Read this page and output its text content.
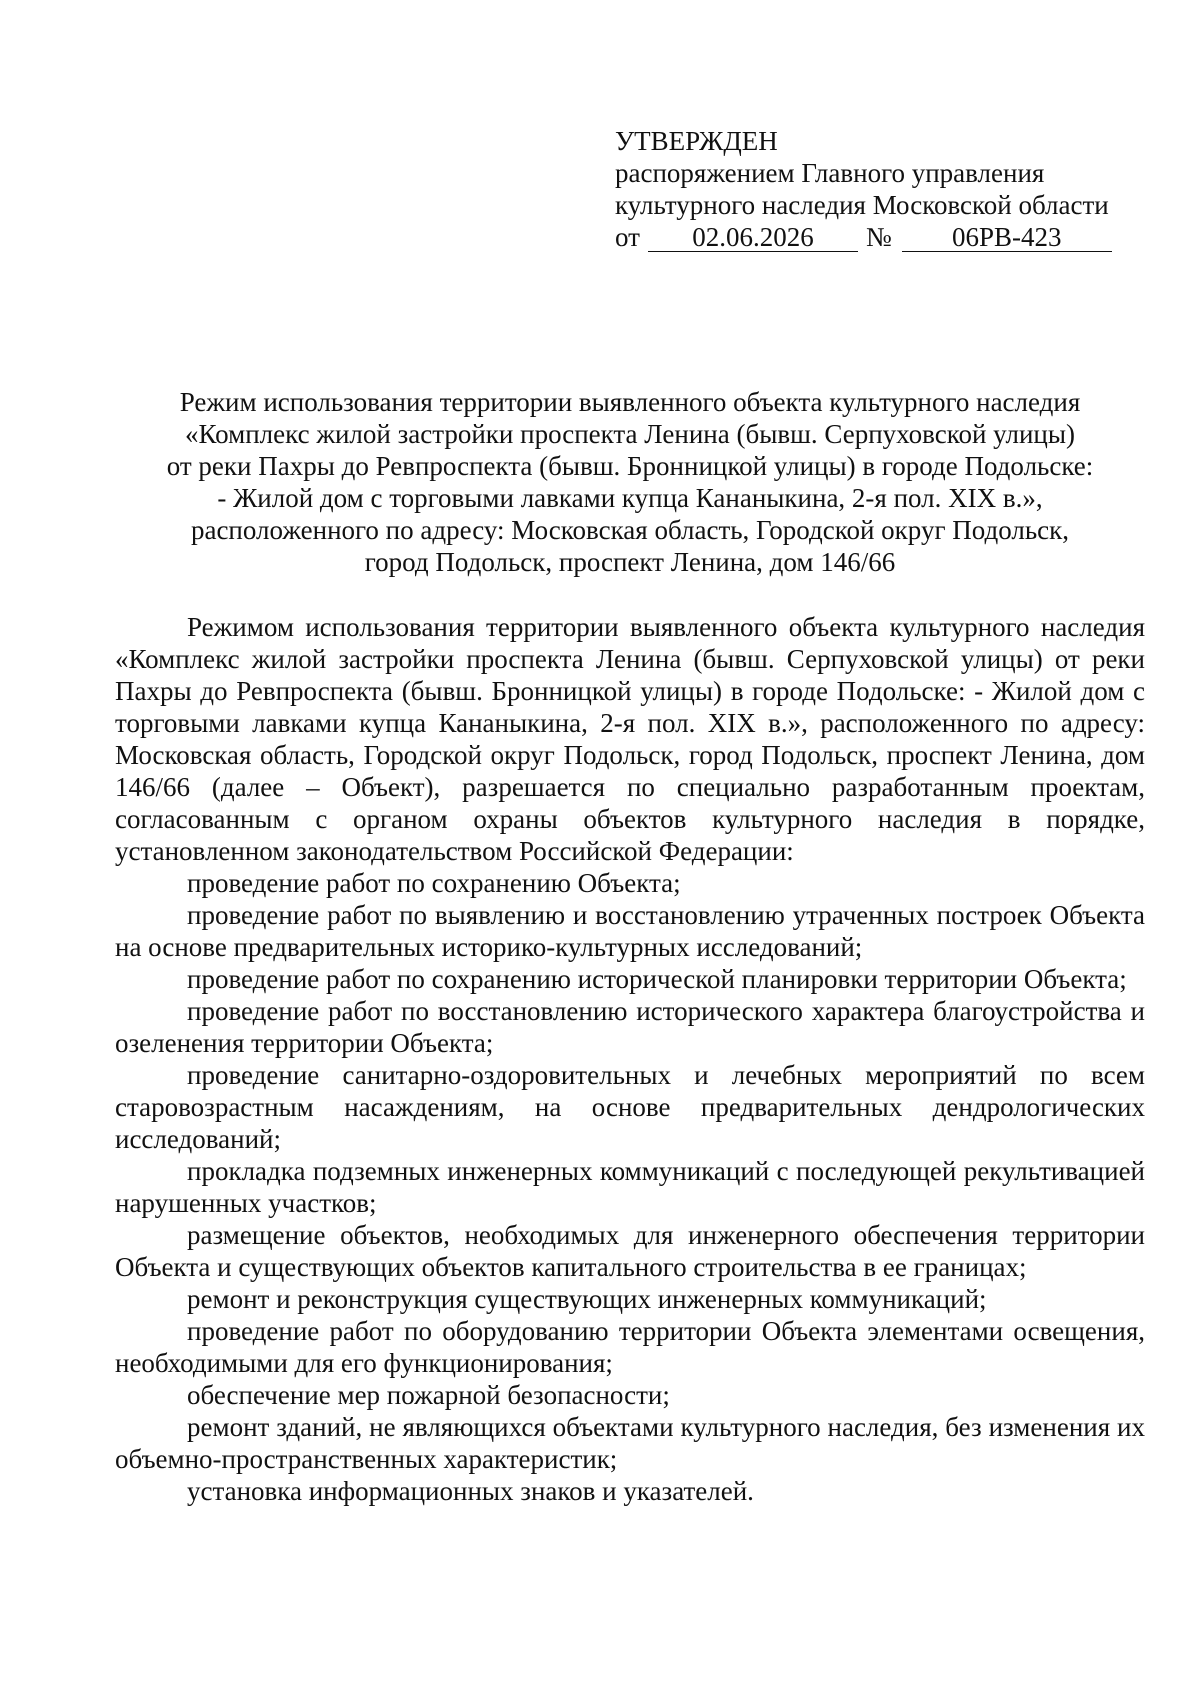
УТВЕРЖДЕН
распоряжением Главного управления
культурного наследия Московской области
от	02.06.2026	№	06РВ-423
Режим использования территории выявленного объекта культурного наследия
«Комплекс жилой застройки проспекта Ленина (бывш. Серпуховской улицы)
от реки Пахры до Ревпроспекта (бывш. Бронницкой улицы) в городе Подольске:
- Жилой дом с торговыми лавками купца Кананыкина, 2-я пол. XIX в.»,
расположенного по адресу: Московская область, Городской округ Подольск,
город Подольск, проспект Ленина, дом 146/66

Режимом использования территории выявленного объекта культурного наследия «Комплекс жилой застройки проспекта Ленина (бывш. Серпуховской улицы) от реки Пахры до Ревпроспекта (бывш. Бронницкой улицы) в городе Подольске: - Жилой дом с торговыми лавками купца Кананыкина, 2-я пол. XIX в.», расположенного по адресу: Московская область, Городской округ Подольск, город Подольск, проспект Ленина, дом 146/66 (далее – Объект), разрешается по специально разработанным проектам, согласованным с органом охраны объектов культурного наследия в порядке, установленном законодательством Российской Федерации:

проведение работ по сохранению Объекта;
проведение работ по выявлению и восстановлению утраченных построек Объекта на основе предварительных историко-культурных исследований;
проведение работ по сохранению исторической планировки территории Объекта;
проведение работ по восстановлению исторического характера благоустройства и озеленения территории Объекта;
проведение санитарно-оздоровительных и лечебных мероприятий по всем старовозрастным насаждениям, на основе предварительных дендрологических исследований;
прокладка подземных инженерных коммуникаций с последующей рекультивацией нарушенных участков;
размещение объектов, необходимых для инженерного обеспечения территории Объекта и существующих объектов капитального строительства в ее границах;
ремонт и реконструкция существующих инженерных коммуникаций;
проведение работ по оборудованию территории Объекта элементами освещения, необходимыми для его функционирования;
обеспечение мер пожарной безопасности;
ремонт зданий, не являющихся объектами культурного наследия, без изменения их объемно-пространственных характеристик;
установка информационных знаков и указателей.
